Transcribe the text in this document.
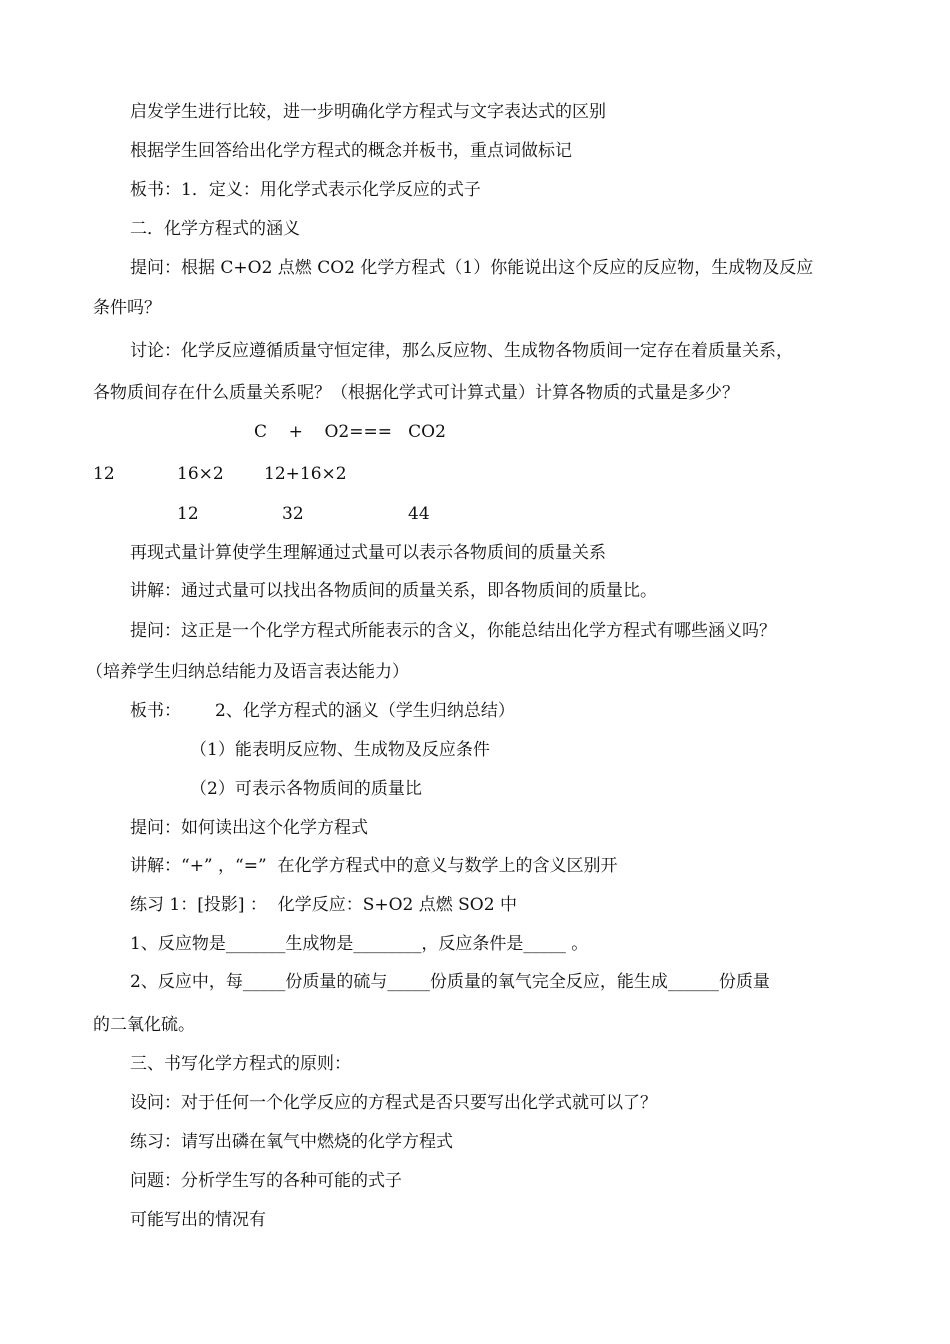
启发学生进行比较，进一步明确化学方程式与文字表达式的区别

根据学生回答给出化学方程式的概念并板书，重点词做标记

板书：1．定义：用化学式表示化学反应的式子

二．化学方程式的涵义

提问：根据 C+O2 点燃 CO2 化学方程式（1）你能说出这个反应的反应物，生成物及反应

条件吗？

讨论：化学反应遵循质量守恒定律，那么反应物、生成物各物质间一定存在着质量关系，

各物质间存在什么质量关系呢？（根据化学式可计算式量）计算各物质的式量是多少？

C    +    O2===   CO2

12	16×2 12+16×2

12	32	44

再现式量计算使学生理解通过式量可以表示各物质间的质量关系

讲解：通过式量可以找出各物质间的质量关系，即各物质间的质量比。

提问：这正是一个化学方程式所能表示的含义，你能总结出化学方程式有哪些涵义吗？

（培养学生归纳总结能力及语言表达能力）

板书： 2、化学方程式的涵义（学生归纳总结）

（1）能表明反应物、生成物及反应条件

（2）可表示各物质间的质量比

提问：如何读出这个化学方程式

讲解：“+” ，“=”  在化学方程式中的意义与数学上的含义区别开

练习 1：[投影] ：  化学反应：S+O2 点燃 SO2 中

1、反应物是_______生成物是________，反应条件是_____ 。

2、反应中，每_____份质量的硫与_____份质量的氧气完全反应，能生成______份质量

的二氧化硫。

三、书写化学方程式的原则：

设问：对于任何一个化学反应的方程式是否只要写出化学式就可以了？

练习：请写出磷在氧气中燃烧的化学方程式

问题：分析学生写的各种可能的式子

可能写出的情况有
